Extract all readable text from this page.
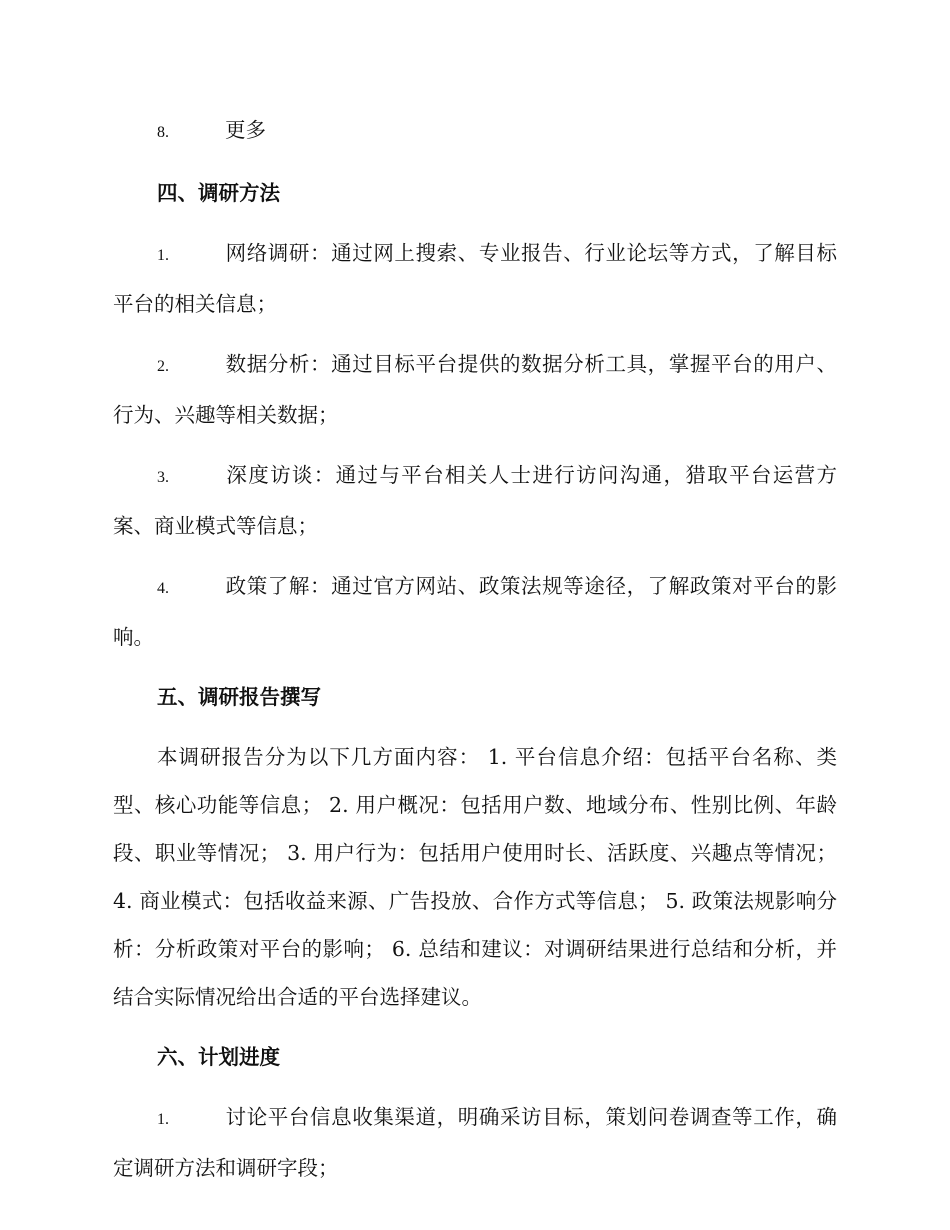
8.	更多

四、调研方法

1.	网络调研：通过网上搜索、专业报告、行业论坛等方式，了解目标平台的相关信息；

2.	数据分析：通过目标平台提供的数据分析工具，掌握平台的用户、行为、兴趣等相关数据；

3.	深度访谈：通过与平台相关人士进行访问沟通，猎取平台运营方案、商业模式等信息；

4.	政策了解：通过官方网站、政策法规等途径，了解政策对平台的影响。

五、调研报告撰写

本调研报告分为以下几方面内容： 1. 平台信息介绍：包括平台名称、类型、核心功能等信息； 2. 用户概况：包括用户数、地域分布、性别比例、年龄段、职业等情况； 3. 用户行为：包括用户使用时长、活跃度、兴趣点等情况； 4. 商业模式：包括收益来源、广告投放、合作方式等信息； 5. 政策法规影响分析：分析政策对平台的影响； 6. 总结和建议：对调研结果进行总结和分析，并结合实际情况给出合适的平台选择建议。

六、计划进度

1.	讨论平台信息收集渠道，明确采访目标，策划问卷调查等工作，确定调研方法和调研字段；
